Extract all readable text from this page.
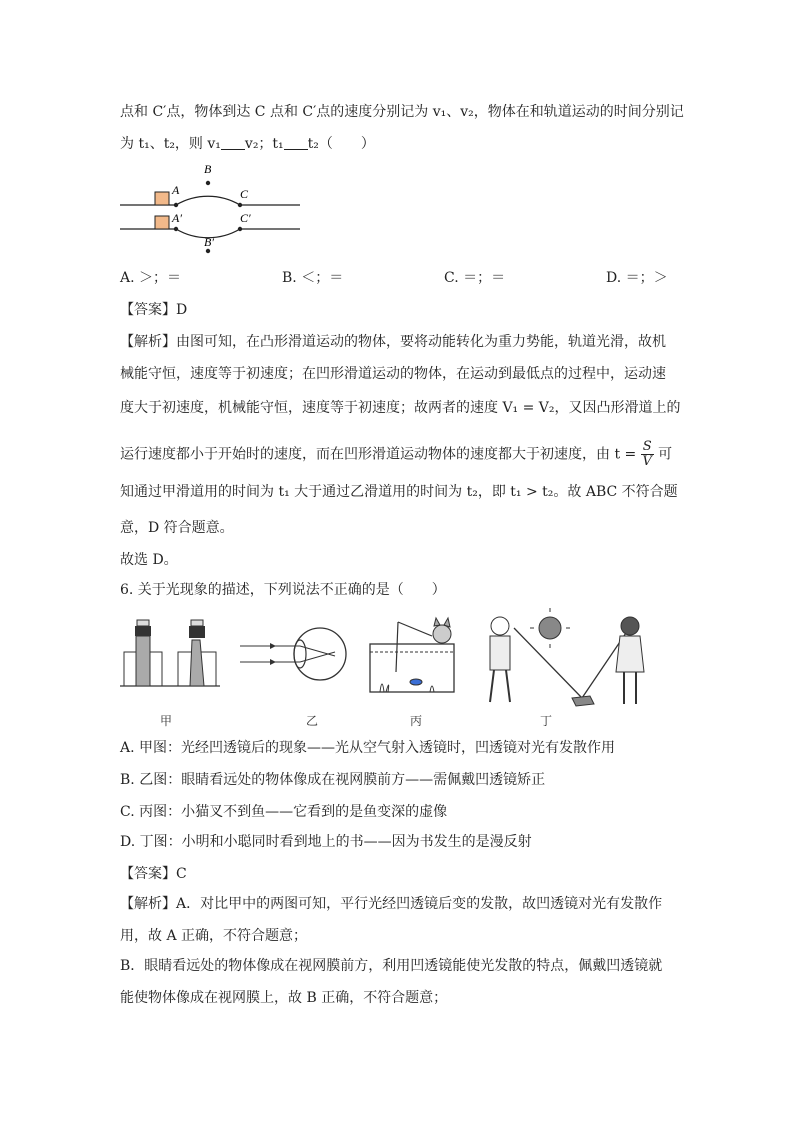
点和 C′点，物体到达 C 点和 C′点的速度分别记为 v₁、v₂，物体在和轨道运动的时间分别记
为 t₁、t₂，则 v₁ v₂；t₁ t₂（　　）
A
A′
B
B′
C
C′
A. ＞；＝	B. ＜；＝	C. ＝；＝	D. ＝；＞
【答案】D
【解析】由图可知，在凸形滑道运动的物体，要将动能转化为重力势能，轨道光滑，故机
械能守恒，速度等于初速度；在凹形滑道运动的物体，在运动到最低点的过程中，运动速
度大于初速度，机械能守恒，速度等于初速度；故两者的速度 V₁ = V₂，又因凸形滑道上的
运行速度都小于开始时的速度，而在凹形滑道运动物体的速度都大于初速度，由 $t = \frac{S}{V}$ 可
知通过甲滑道用的时间为 t₁ 大于通过乙滑道用的时间为 t₂，即 t₁ > t₂。故 ABC 不符合题
意，D 符合题意。
故选 D。
6. 关于光现象的描述，下列说法不正确的是（　　）
甲	乙	丙	丁
A. 甲图：光经凹透镜后的现象——光从空气射入透镜时，凹透镜对光有发散作用
B. 乙图：眼睛看远处的物体像成在视网膜前方——需佩戴凹透镜矫正
C. 丙图：小猫叉不到鱼——它看到的是鱼变深的虚像
D. 丁图：小明和小聪同时看到地上的书——因为书发生的是漫反射
【答案】C
【解析】A．对比甲中的两图可知，平行光经凹透镜后变的发散，故凹透镜对光有发散作
用，故 A 正确，不符合题意；
B．眼睛看远处的物体像成在视网膜前方，利用凹透镜能使光发散的特点，佩戴凹透镜就
能使物体像成在视网膜上，故 B 正确，不符合题意；
